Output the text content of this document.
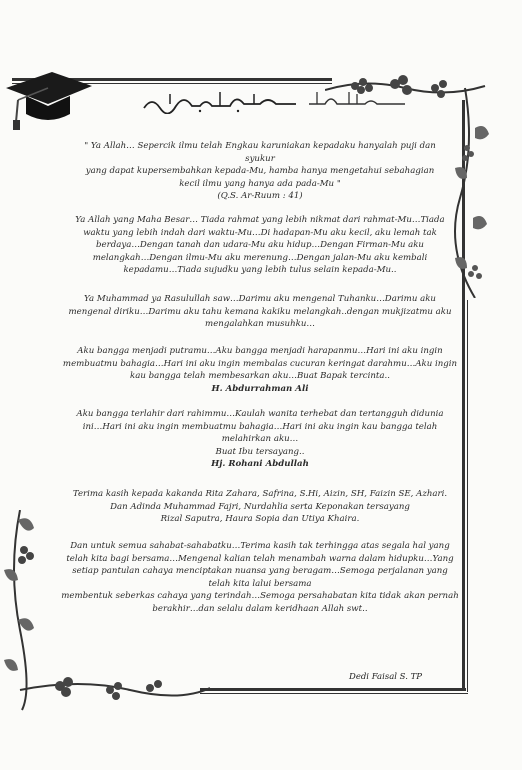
" Ya Allah… Sepercik ilmu telah Engkau karuniakan kepadaku hanyalah puji dan
syukur
yang dapat kupersembahkan kepada-Mu, hamba hanya mengetahui sebahagian
kecil ilmu yang hanya ada pada-Mu "
(Q.S. Ar-Ruum : 41)
Ya Allah yang Maha Besar… Tiada rahmat yang lebih nikmat dari rahmat-Mu…Tiada
waktu yang lebih indah dari waktu-Mu…Di hadapan-Mu aku kecil, aku lemah tak
berdaya…Dengan tanah dan udara-Mu aku hidup…Dengan Firman-Mu aku
melangkah…Dengan ilmu-Mu aku merenung…Dengan jalan-Mu aku kembali
kepadamu…Tiada sujudku yang lebih tulus selain kepada-Mu..
Ya Muhammad ya Rasulullah saw…Darimu aku mengenal Tuhanku…Darimu aku
mengenal diriku…Darimu aku tahu kemana kakiku melangkah..dengan mukjizatmu aku
mengalahkan musuhku…
Aku bangga menjadi putramu…Aku bangga menjadi harapanmu…Hari ini aku ingin
membuatmu bahagia…Hari ini aku ingin membalas cucuran keringat darahmu…Aku ingin
kau bangga telah membesarkan aku…Buat Bapak tercinta..
H. Abdurrahman Ali
Aku bangga terlahir dari rahimmu…Kaulah wanita terhebat dan tertangguh didunia
ini…Hari ini aku ingin membuatmu bahagia…Hari ini aku ingin kau bangga telah
melahirkan aku…
Buat Ibu tersayang..
Hj. Rohani Abdullah
Terima kasih kepada kakanda Rita Zahara, Safrina, S.Hi, Aizin, SH, Faizin SE, Azhari.
Dan Adinda Muhammad Fajri, Nurdahlia serta Keponakan tersayang
Rizal Saputra, Haura Sopia dan Utiya Khaira.
Dan untuk semua sahabat-sahabatku…Terima kasih tak terhingga atas segala hal yang
telah kita bagi bersama…Mengenal kalian telah menambah warna dalam hidupku…Yang
setiap pantulan cahaya menciptakan nuansa yang beragam…Semoga perjalanan yang
telah kita lalui bersama
membentuk seberkas cahaya yang terindah…Semoga persahabatan kita tidak akan pernah
berakhir…dan selalu dalam keridhaan Allah swt..
Dedi Faisal S. TP
